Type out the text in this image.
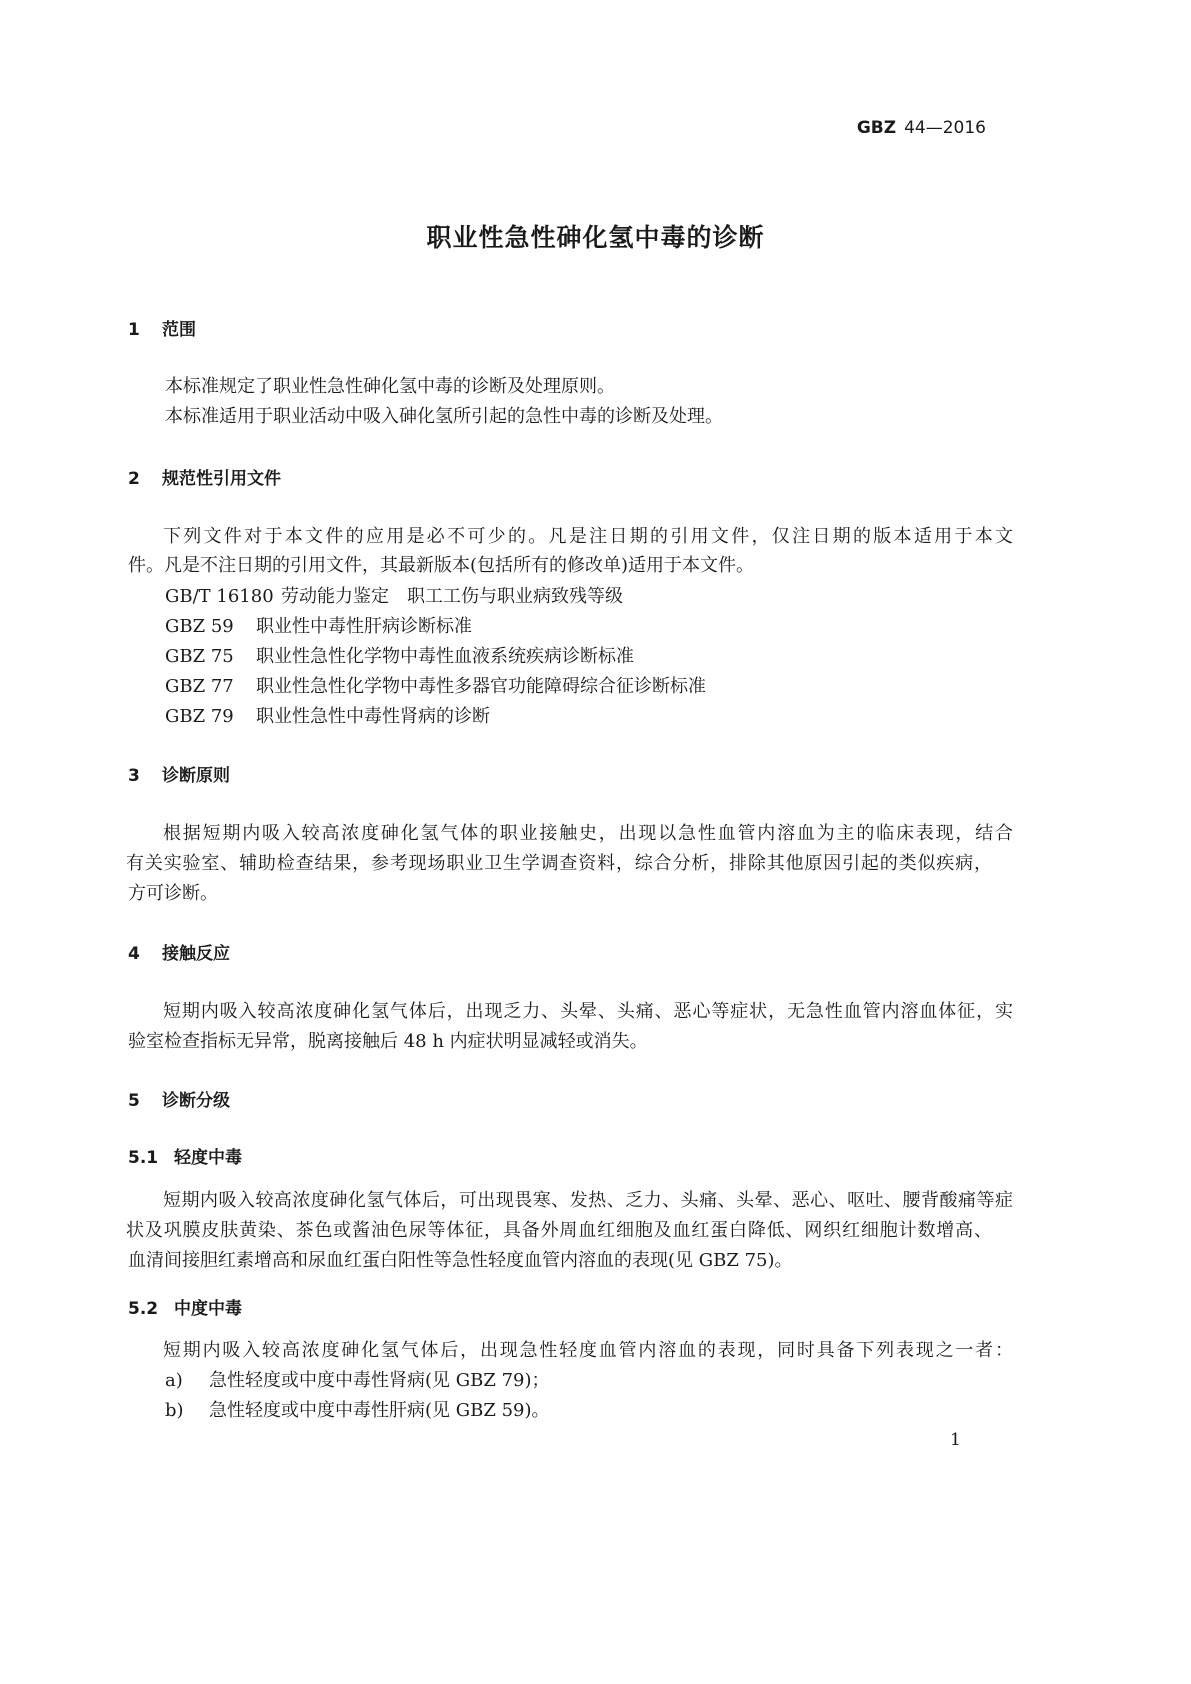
GBZ 44—2016
职业性急性砷化氢中毒的诊断
1 范围
本标准规定了职业性急性砷化氢中毒的诊断及处理原则。
本标准适用于职业活动中吸入砷化氢所引起的急性中毒的诊断及处理。
2 规范性引用文件
下列文件对于本文件的应用是必不可少的。凡是注日期的引用文件，仅注日期的版本适用于本文
件。凡是不注日期的引用文件，其最新版本(包括所有的修改单)适用于本文件。
GB/T 16180 劳动能力鉴定　职工工伤与职业病致残等级
GBZ 59 职业性中毒性肝病诊断标准
GBZ 75 职业性急性化学物中毒性血液系统疾病诊断标准
GBZ 77 职业性急性化学物中毒性多器官功能障碍综合征诊断标准
GBZ 79 职业性急性中毒性肾病的诊断
3 诊断原则
根据短期内吸入较高浓度砷化氢气体的职业接触史，出现以急性血管内溶血为主的临床表现，结合
有关实验室、辅助检查结果，参考现场职业卫生学调查资料，综合分析，排除其他原因引起的类似疾病，
方可诊断。
4 接触反应
短期内吸入较高浓度砷化氢气体后，出现乏力、头晕、头痛、恶心等症状，无急性血管内溶血体征，实
验室检查指标无异常，脱离接触后 48 h 内症状明显减轻或消失。
5 诊断分级
5.1 轻度中毒
短期内吸入较高浓度砷化氢气体后，可出现畏寒、发热、乏力、头痛、头晕、恶心、呕吐、腰背酸痛等症
状及巩膜皮肤黄染、茶色或酱油色尿等体征，具备外周血红细胞及血红蛋白降低、网织红细胞计数增高、
血清间接胆红素增高和尿血红蛋白阳性等急性轻度血管内溶血的表现(见 GBZ 75)。
5.2 中度中毒
短期内吸入较高浓度砷化氢气体后，出现急性轻度血管内溶血的表现，同时具备下列表现之一者：
a) 急性轻度或中度中毒性肾病(见 GBZ 79)；
b) 急性轻度或中度中毒性肝病(见 GBZ 59)。
1
